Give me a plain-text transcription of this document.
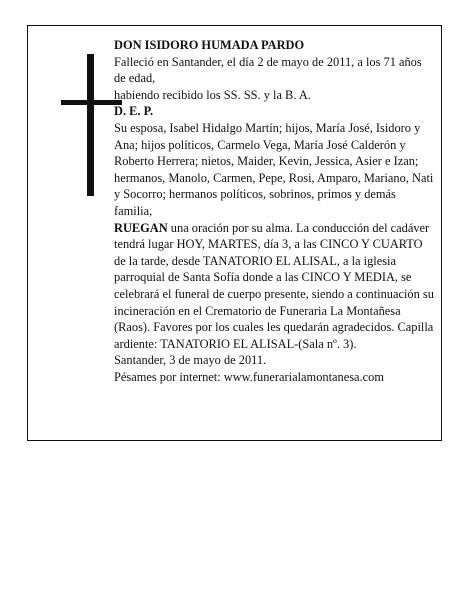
DON ISIDORO HUMADA PARDO

Falleció en Santander, el día 2 de mayo de 2011, a los 71 años de edad,

habiendo recibido los SS. SS. y la B. A.

D. E. P.

Su esposa, Isabel Hidalgo Martín; hijos, María José, Isidoro y Ana; hijos políticos, Carmelo Vega, María José Calderón y Roberto Herrera; nietos, Maider, Kevin, Jessica, Asier e Izan; hermanos, Manolo, Carmen, Pepe, Rosi, Amparo, Mariano, Nati y Socorro; hermanos políticos, sobrinos, primos y demás familia,

RUEGAN una oración por su alma. La conducción del cadáver tendrá lugar HOY, MARTES, día 3, a las CINCO Y CUARTO de la tarde, desde TANATORIO EL ALISAL, a la iglesia parroquial de Santa Sofía donde a las CINCO Y MEDIA, se celebrará el funeral de cuerpo presente, siendo a continuación su incineración en el Crematorio de Funeraria La Montañesa (Raos). Favores por los cuales les quedarán agradecidos. Capilla ardiente: TANATORIO EL ALISAL-(Sala nº. 3).

Santander, 3 de mayo de 2011.

Pésames por internet: www.funerarialamontanesa.com
